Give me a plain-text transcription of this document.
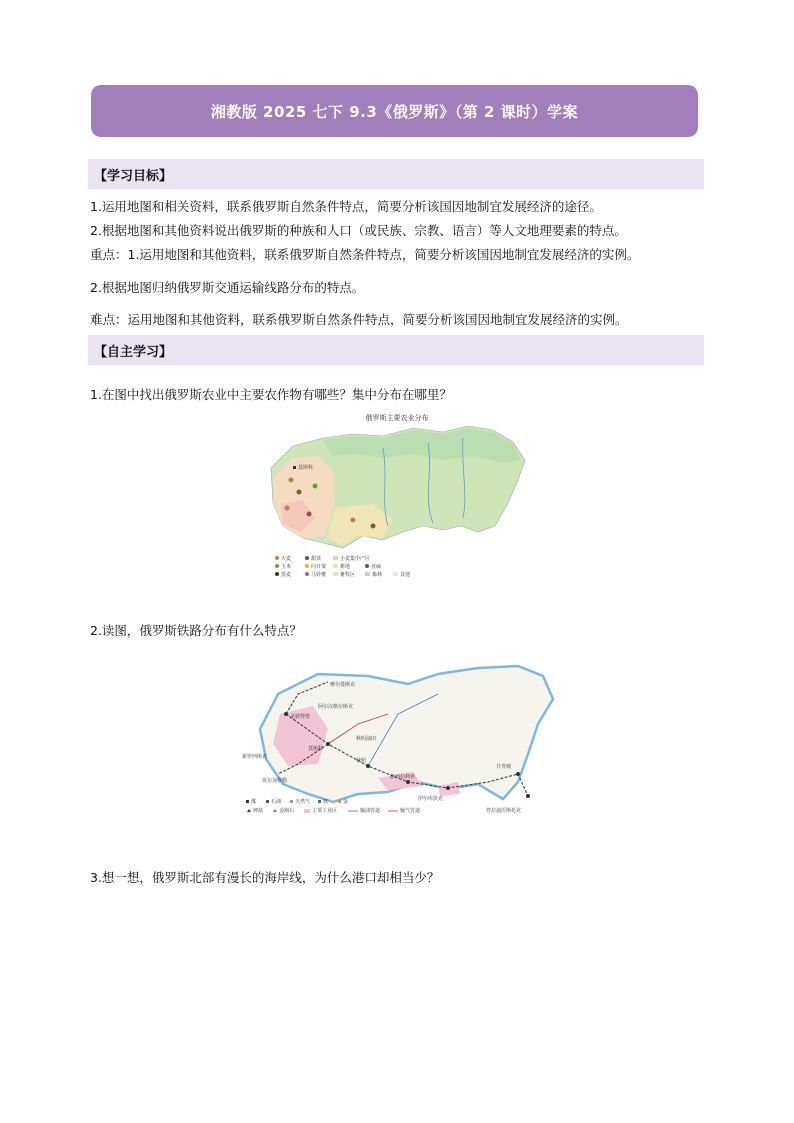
湘教版 2025 七下 9.3《俄罗斯》（第 2 课时）学案
【学习目标】
1.运用地图和相关资料，联系俄罗斯自然条件特点，简要分析该国因地制宜发展经济的途径。
2.根据地图和其他资料说出俄罗斯的种族和人口（或民族、宗教、语言）等人文地理要素的特点。
重点：1.运用地图和其他资料，联系俄罗斯自然条件特点，简要分析该国因地制宜发展经济的实例。
2.根据地图归纳俄罗斯交通运输线路分布的特点。
难点：运用地图和其他资料，联系俄罗斯自然条件特点，简要分析该国因地制宜发展经济的实例。
【自主学习】
1.在图中找出俄罗斯农业中主要农作物有哪些？集中分布在哪里？
俄罗斯主要农业分布
莫斯科
大麦	甜菜	小麦集中产区
玉米	向日葵	耕地
黑麦	马铃薯	畜牧区
亚麻
森林	其他
2.读图，俄罗斯铁路分布有什么特点？
摩尔曼斯克
阿尔汉格尔斯克
圣彼得堡
莫斯科
新罗西斯克
伏尔加格勒
秋明
新西伯利亚
秋明油田
伊尔库茨克
共青城
符拉迪沃斯托克
煤	石油	天然气	铁	金
钾盐	金刚石	主要工业区	输油管道	输气管道
3.想一想，俄罗斯北部有漫长的海岸线，为什么港口却相当少？
